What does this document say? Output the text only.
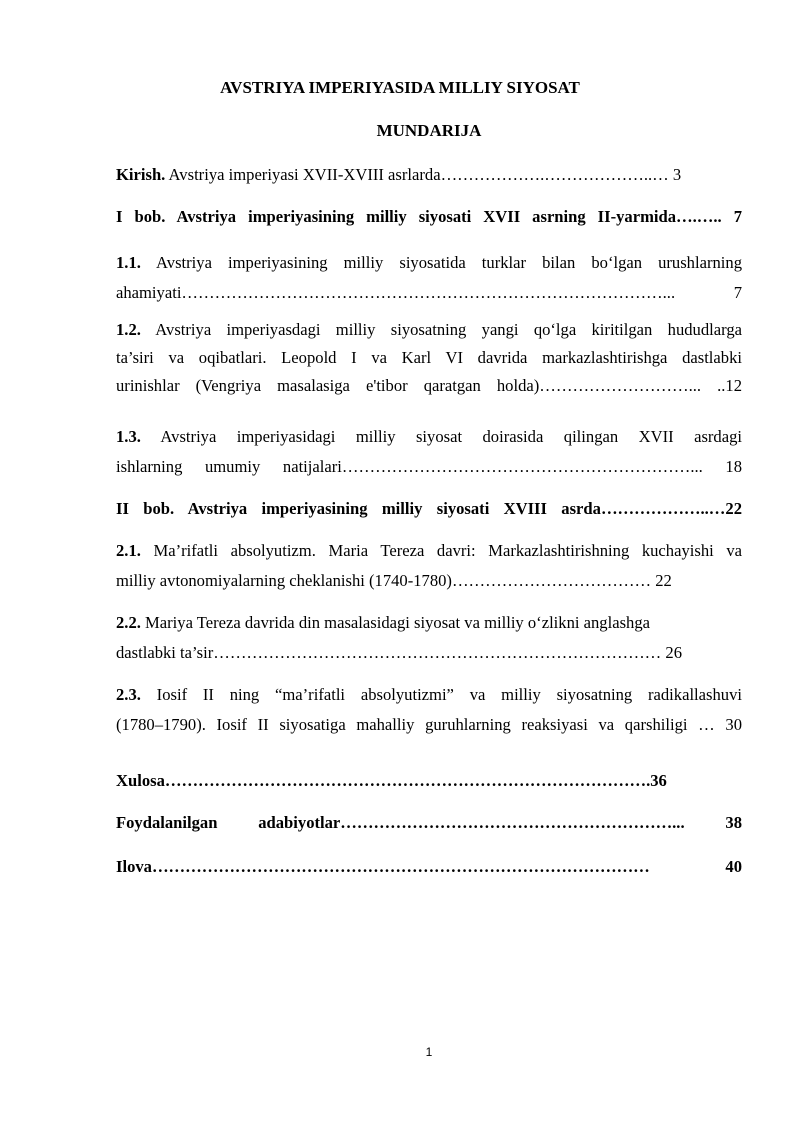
AVSTRIYA IMPERIYASIDA MILLIY SIYOSAT
MUNDARIJA
Kirish. Avstriya imperiyasi XVII-XVIII asrlarda……………….………………..… 3
I bob. Avstriya imperiyasining milliy siyosati XVII asrning II-yarmida….….. 7
1.1. Avstriya imperiyasining milliy siyosatida turklar bilan bo‘lgan urushlarning
ahamiyati……………………………………………………………………………... 7
1.2. Avstriya imperiyasdagi milliy siyosatning yangi qo‘lga kiritilgan hududlarga
ta’siri va oqibatlari. Leopold I va Karl VI davrida markazlashtirishga dastlabki
urinishlar (Vengriya masalasiga e'tibor qaratgan holda)………………………... ..12
1.3. Avstriya imperiyasidagi milliy siyosat doirasida qilingan XVII asrdagi
ishlarning umumiy natijalari………………………………………………………... 18
II bob. Avstriya imperiyasining milliy siyosati XVIII asrda………………..…22
2.1. Ma’rifatli absolyutizm. Maria Tereza davri: Markazlashtirishning kuchayishi va
milliy avtonomiyalarning cheklanishi (1740-1780)……………………………… 22
2.2. Mariya Tereza davrida din masalasidagi siyosat va milliy o‘zlikni anglashga
dastlabki ta’sir……………………………………………………………………… 26
2.3. Iosif II ning “ma’rifatli absolyutizmi” va milliy siyosatning radikallashuvi
(1780–1790). Iosif II siyosatiga mahalliy guruhlarning reaksiyasi va qarshiligi … 30
Xulosa…………………………………………………………………………….36
Foydalanilgan adabiyotlar……………………………………………………... 38
Ilova……………………………………………………………………………… 40
1
